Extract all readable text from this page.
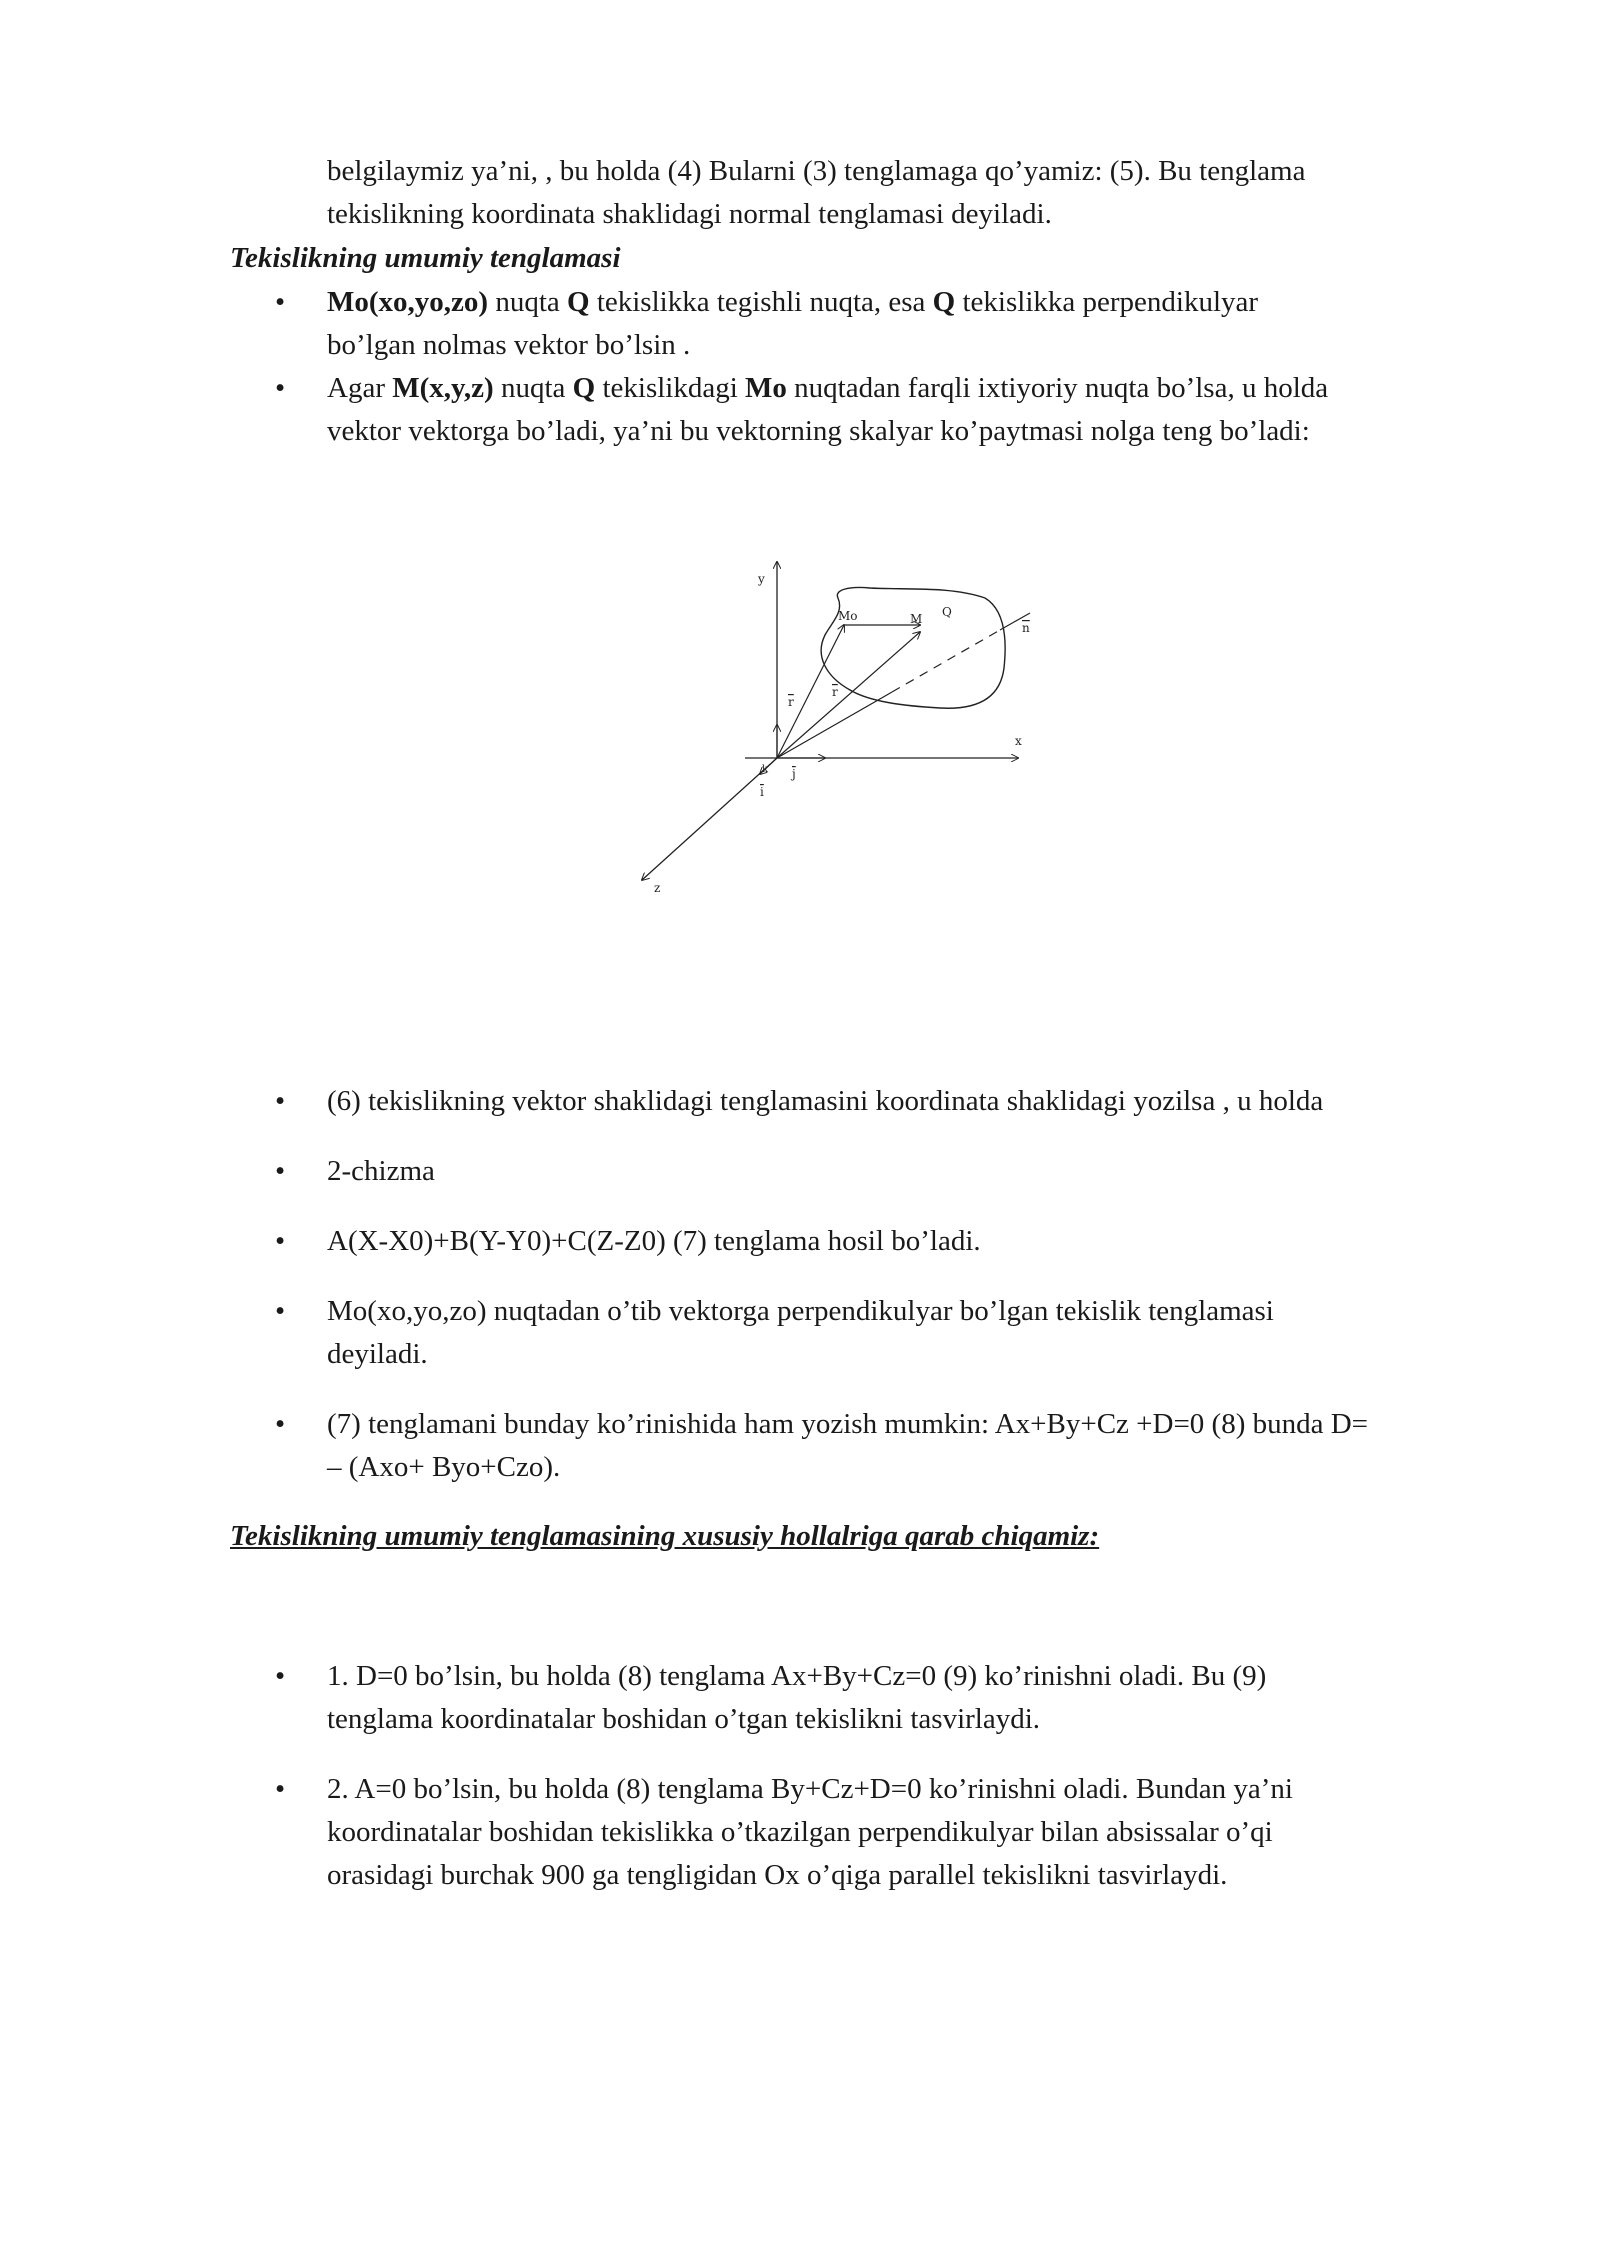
belgilaymiz ya’ni, , bu holda (4) Bularni (3) tenglamaga qo’yamiz: (5). Bu tenglama
tekislikning koordinata shaklidagi normal tenglamasi deyiladi.
Tekislikning umumiy tenglamasi
• Mo(xo,yo,zo) nuqta Q tekislikka tegishli nuqta, esa Q tekislikka perpendikulyar
bo’lgan nolmas vektor bo’lsin .
• Agar M(x,y,z) nuqta Q tekislikdagi Mo nuqtadan farqli ixtiyoriy nuqta bo’lsa, u holda
vektor vektorga bo’ladi, ya’ni bu vektorning skalyar ko’paytmasi nolga teng bo’ladi:
y
x
z
Mo	M Q
n
r
r
j
k
i
• (6) tekislikning vektor shaklidagi tenglamasini koordinata shaklidagi yozilsa , u holda
• 2-chizma
• A(X-X0)+B(Y-Y0)+C(Z-Z0) (7) tenglama hosil bo’ladi.
• Mo(xo,yo,zo) nuqtadan o’tib vektorga perpendikulyar bo’lgan tekislik tenglamasi
deyiladi.
• (7) tenglamani bunday ko’rinishida ham yozish mumkin: Ax+By+Cz +D=0 (8) bunda D=
– (Axo+ Byo+Czo).
Tekislikning umumiy tenglamasining xususiy hollalriga qarab chiqamiz:
• 1. D=0 bo’lsin, bu holda (8) tenglama Ax+By+Cz=0 (9) ko’rinishni oladi. Bu (9)
tenglama koordinatalar boshidan o’tgan tekislikni tasvirlaydi.
• 2. A=0 bo’lsin, bu holda (8) tenglama By+Cz+D=0 ko’rinishni oladi. Bundan ya’ni
koordinatalar boshidan tekislikka o’tkazilgan perpendikulyar bilan absissalar o’qi
orasidagi burchak 900 ga tengligidan Ox o’qiga parallel tekislikni tasvirlaydi.
